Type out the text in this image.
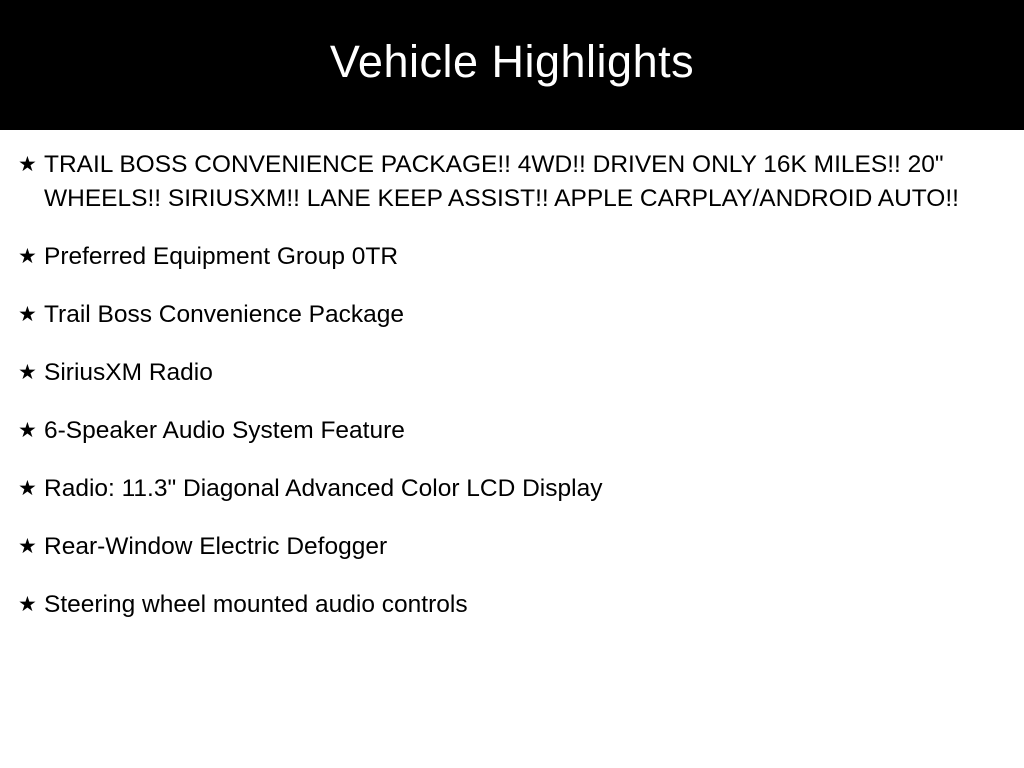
Vehicle Highlights
★ TRAIL BOSS CONVENIENCE PACKAGE!! 4WD!! DRIVEN ONLY 16K MILES!! 20" WHEELS!! SIRIUSXM!! LANE KEEP ASSIST!! APPLE CARPLAY/ANDROID AUTO!!
★ Preferred Equipment Group 0TR
★ Trail Boss Convenience Package
★ SiriusXM Radio
★ 6-Speaker Audio System Feature
★ Radio: 11.3" Diagonal Advanced Color LCD Display
★ Rear-Window Electric Defogger
★ Steering wheel mounted audio controls
